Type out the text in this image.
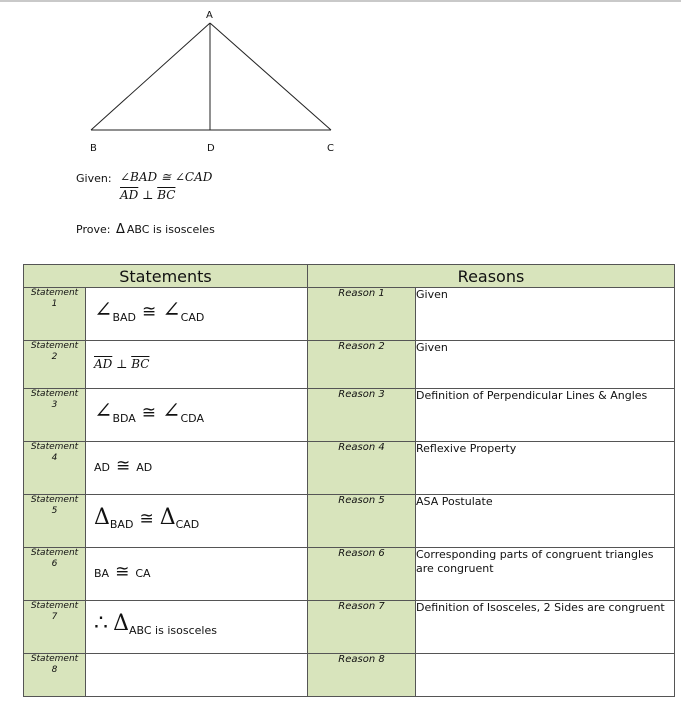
A
B	D	C
Given: ∠BAD ≅ ∠CAD
$\overline{AD}$ ⊥ $\overline{BC}$
Prove: Δ ABC is isosceles
Statements		Reasons	
Statement
1	$\angle_{BAD}$ ≅ $\angle_{CAD}$	Reason 1	Given
Statement
2	$\overline{AD}$ ⊥ $\overline{BC}$	Reason 2	Given
Statement
3	$\angle_{BDA}$ ≅ $\angle_{CDA}$	Reason 3	Definition of Perpendicular Lines & Angles
Statement
4	AD ≅ AD	Reason 4	Reflexive Property
Statement
5	$\Delta_{BAD}$ ≅ $\Delta_{CAD}$	Reason 5	ASA Postulate
Statement
6	BA ≅ CA	Reason 6	Corresponding parts of congruent triangles are congruent
Statement
7	∴ $\Delta_{ABC is isosceles}$	Reason 7	Definition of Isosceles, 2 Sides are congruent
Statement
8		Reason 8	
